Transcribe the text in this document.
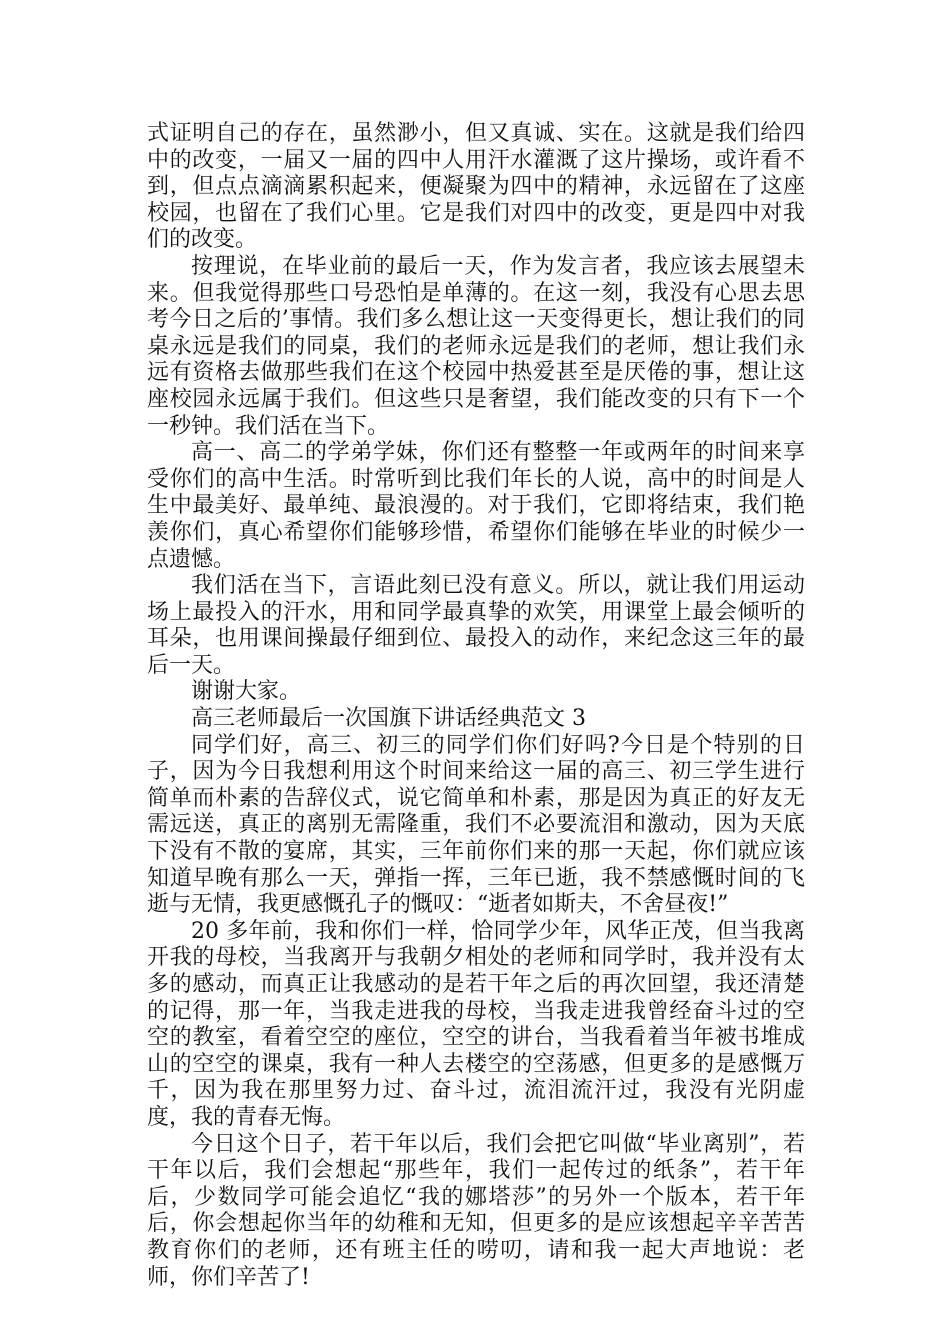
式证明自己的存在，虽然渺小，但又真诚、实在。这就是我们给四中的改变，一届又一届的四中人用汗水灌溉了这片操场，或许看不到，但点点滴滴累积起来，便凝聚为四中的精神，永远留在了这座校园，也留在了我们心里。它是我们对四中的改变，更是四中对我们的改变。

按理说，在毕业前的最后一天，作为发言者，我应该去展望未来。但我觉得那些口号恐怕是单薄的。在这一刻，我没有心思去思考今日之后的’事情。我们多么想让这一天变得更长，想让我们的同桌永远是我们的同桌，我们的老师永远是我们的老师，想让我们永远有资格去做那些我们在这个校园中热爱甚至是厌倦的事，想让这座校园永远属于我们。但这些只是奢望，我们能改变的只有下一个一秒钟。我们活在当下。

高一、高二的学弟学妹，你们还有整整一年或两年的时间来享受你们的高中生活。时常听到比我们年长的人说，高中的时间是人生中最美好、最单纯、最浪漫的。对于我们，它即将结束，我们艳羡你们，真心希望你们能够珍惜，希望你们能够在毕业的时候少一点遗憾。

我们活在当下，言语此刻已没有意义。所以，就让我们用运动场上最投入的汗水，用和同学最真挚的欢笑，用课堂上最会倾听的耳朵，也用课间操最仔细到位、最投入的动作，来纪念这三年的最后一天。

谢谢大家。

高三老师最后一次国旗下讲话经典范文 3

同学们好，高三、初三的同学们你们好吗?今日是个特别的日子，因为今日我想利用这个时间来给这一届的高三、初三学生进行简单而朴素的告辞仪式，说它简单和朴素，那是因为真正的好友无需远送，真正的离别无需隆重，我们不必要流泪和激动，因为天底下没有不散的宴席，其实，三年前你们来的那一天起，你们就应该知道早晚有那么一天，弹指一挥，三年已逝，我不禁感慨时间的飞逝与无情，我更感慨孔子的慨叹：“逝者如斯夫，不舍昼夜!”

20 多年前，我和你们一样，恰同学少年，风华正茂，但当我离开我的母校，当我离开与我朝夕相处的老师和同学时，我并没有太多的感动，而真正让我感动的是若干年之后的再次回望，我还清楚的记得，那一年，当我走进我的母校，当我走进我曾经奋斗过的空空的教室，看着空空的座位，空空的讲台，当我看着当年被书堆成山的空空的课桌，我有一种人去楼空的空荡感，但更多的是感慨万千，因为我在那里努力过、奋斗过，流泪流汗过，我没有光阴虚度，我的青春无悔。

今日这个日子，若干年以后，我们会把它叫做“毕业离别”，若干年以后，我们会想起“那些年，我们一起传过的纸条”，若干年后，少数同学可能会追忆“我的娜塔莎”的另外一个版本，若干年后，你会想起你当年的幼稚和无知，但更多的是应该想起辛辛苦苦教育你们的老师，还有班主任的唠叨，请和我一起大声地说：老师，你们辛苦了!
